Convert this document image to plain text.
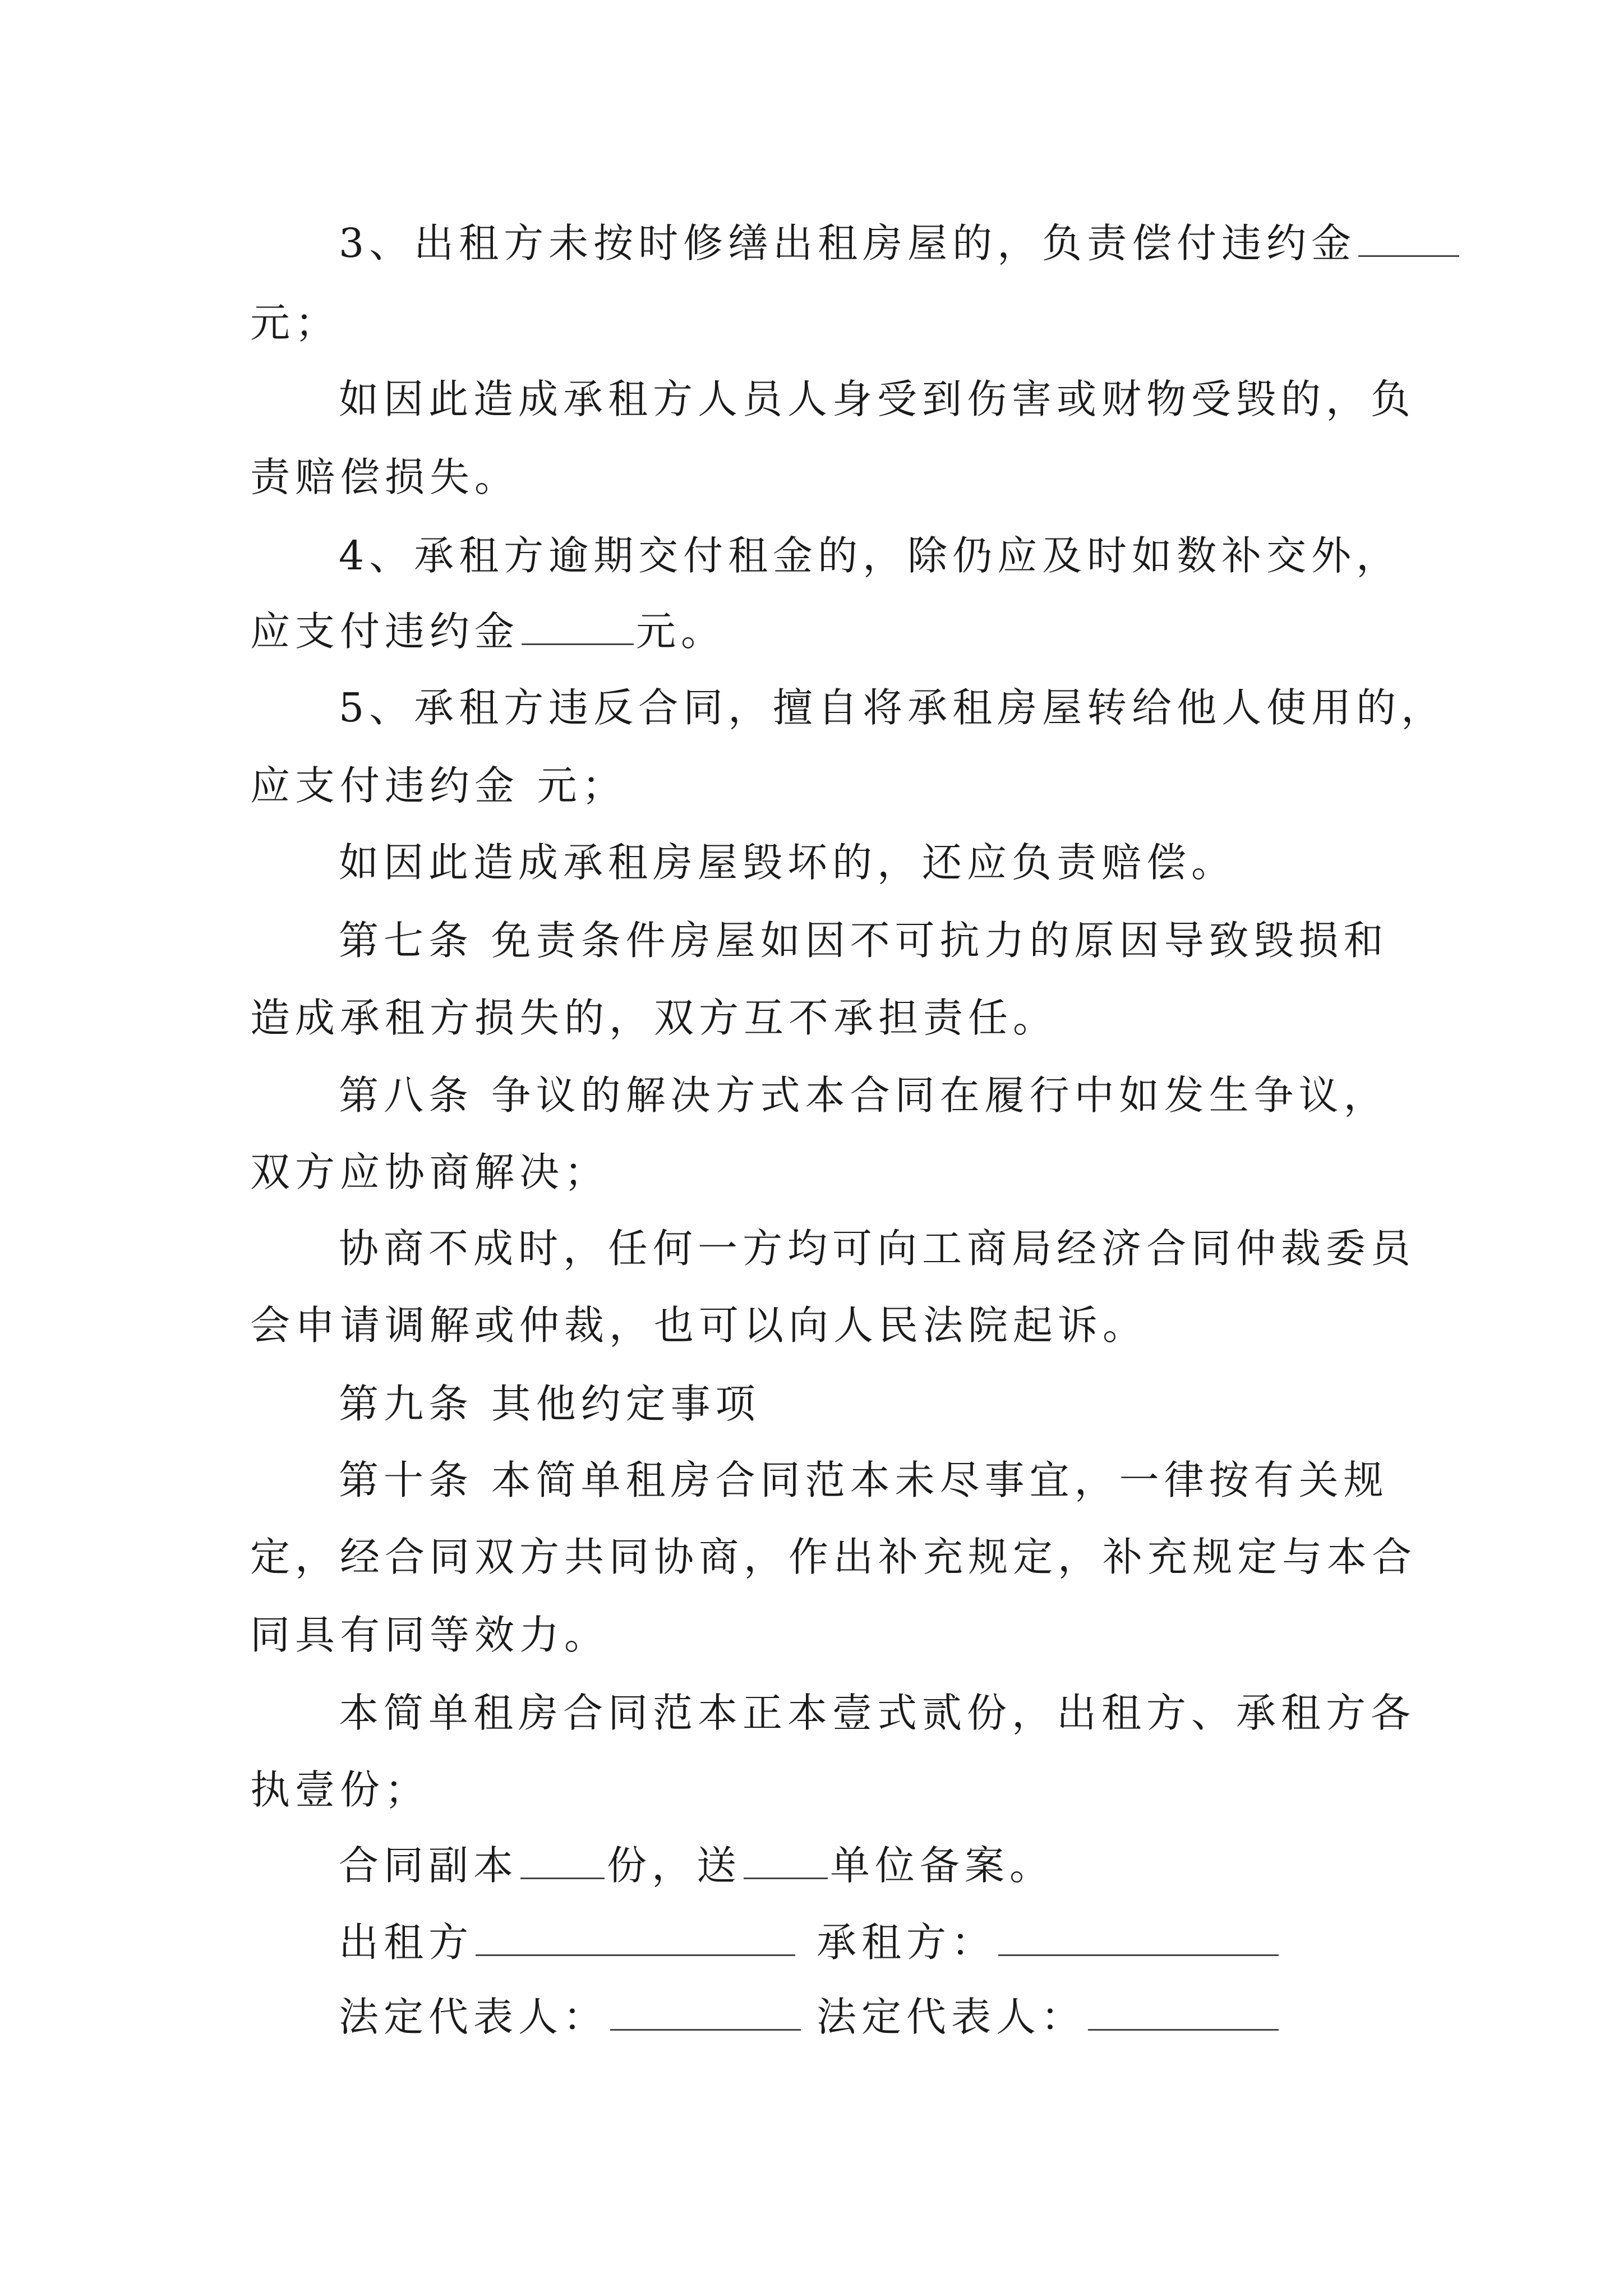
3、出租方未按时修缮出租房屋的，负责偿付违约金
元；
如因此造成承租方人员人身受到伤害或财物受毁的，负
责赔偿损失。
4、承租方逾期交付租金的，除仍应及时如数补交外，
应支付违约金	元。
5、承租方违反合同，擅自将承租房屋转给他人使用的，
应支付违约金 元；
如因此造成承租房屋毁坏的，还应负责赔偿。
第七条 免责条件房屋如因不可抗力的原因导致毁损和
造成承租方损失的，双方互不承担责任。
第八条 争议的解决方式本合同在履行中如发生争议，
双方应协商解决；
协商不成时，任何一方均可向工商局经济合同仲裁委员
会申请调解或仲裁，也可以向人民法院起诉。
第九条 其他约定事项
第十条 本简单租房合同范本未尽事宜，一律按有关规
定，经合同双方共同协商，作出补充规定，补充规定与本合
同具有同等效力。
本简单租房合同范本正本壹式贰份，出租方、承租方各
执壹份；
合同副本 份，送 单位备案。
出租方	承租方：
法定代表人：	法定代表人：
